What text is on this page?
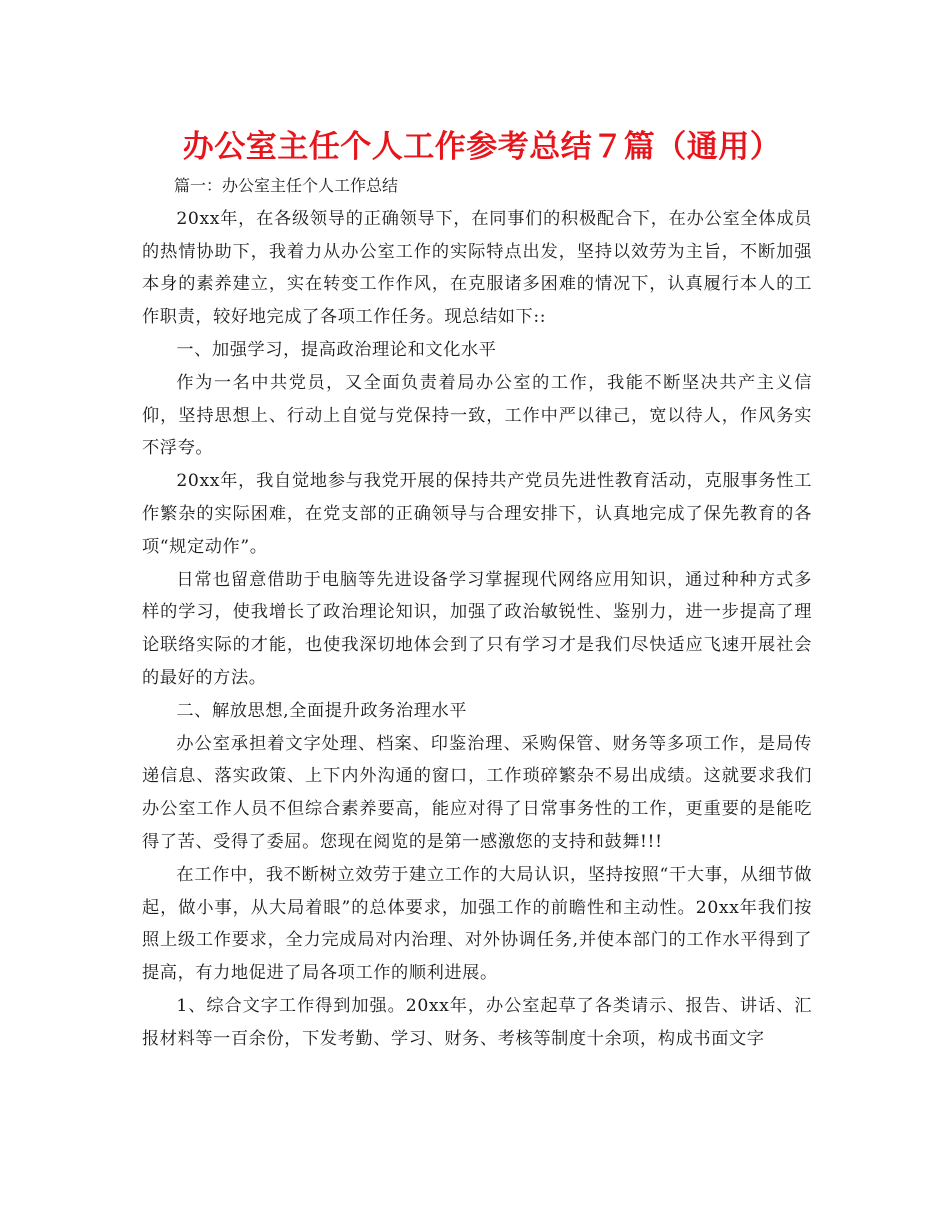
办公室主任个人工作参考总结７篇（通用）

篇一：办公室主任个人工作总结

20xx年，在各级领导的正确领导下，在同事们的积极配合下，在办公室全体成员的热情协助下，我着力从办公室工作的实际特点出发，坚持以效劳为主旨，不断加强本身的素养建立，实在转变工作作风，在克服诸多困难的情况下，认真履行本人的工作职责，较好地完成了各项工作任务。现总结如下::

一、加强学习，提高政治理论和文化水平

作为一名中共党员，又全面负责着局办公室的工作，我能不断坚决共产主义信仰，坚持思想上、行动上自觉与党保持一致，工作中严以律己，宽以待人，作风务实不浮夸。

20xx年，我自觉地参与我党开展的保持共产党员先进性教育活动，克服事务性工作繁杂的实际困难，在党支部的正确领导与合理安排下，认真地完成了保先教育的各项“规定动作”。

日常也留意借助于电脑等先进设备学习掌握现代网络应用知识，通过种种方式多样的学习，使我增长了政治理论知识，加强了政治敏锐性、鉴别力，进一步提高了理论联络实际的才能，也使我深切地体会到了只有学习才是我们尽快适应飞速开展社会的最好的方法。

二、解放思想,全面提升政务治理水平

办公室承担着文字处理、档案、印鉴治理、采购保管、财务等多项工作，是局传递信息、落实政策、上下内外沟通的窗口，工作琐碎繁杂不易出成绩。这就要求我们办公室工作人员不但综合素养要高，能应对得了日常事务性的工作，更重要的是能吃得了苦、受得了委屈。您现在阅览的是第一感激您的支持和鼓舞!!!

在工作中，我不断树立效劳于建立工作的大局认识，坚持按照“干大事，从细节做起，做小事，从大局着眼”的总体要求，加强工作的前瞻性和主动性。20xx年我们按照上级工作要求，全力完成局对内治理、对外协调任务,并使本部门的工作水平得到了提高，有力地促进了局各项工作的顺利进展。

1、综合文字工作得到加强。20xx年，办公室起草了各类请示、报告、讲话、汇报材料等一百余份，下发考勤、学习、财务、考核等制度十余项，构成书面文字
